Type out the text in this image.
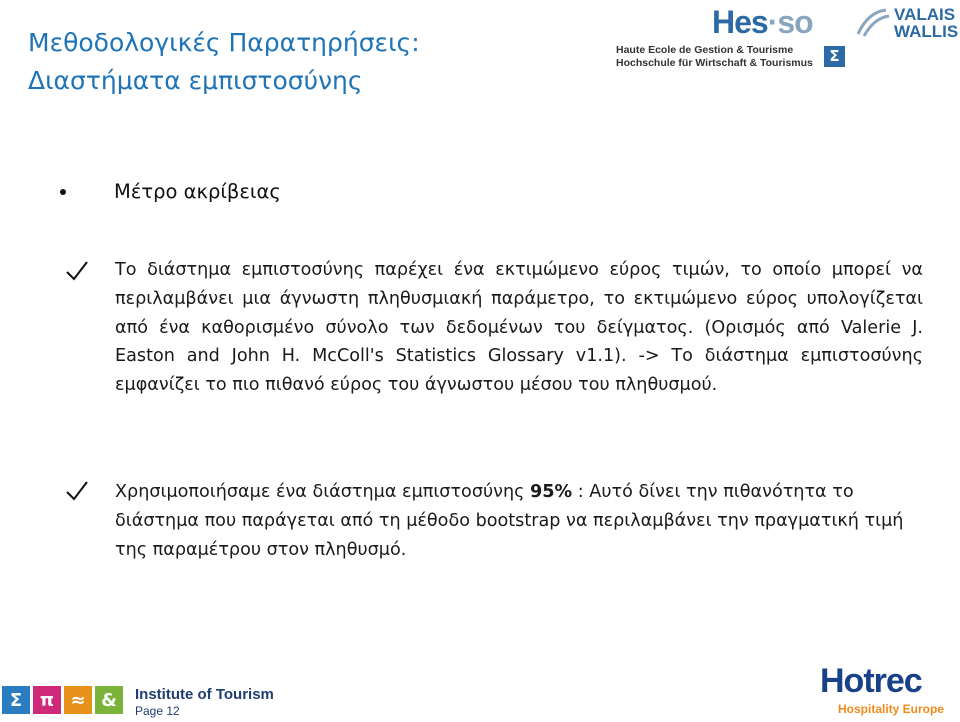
Μεθοδολογικές Παρατηρήσεις:
Διαστήματα εμπιστοσύνης
Hes·so	VALAIS
WALLIS
Haute Ecole de Gestion & Tourisme
Hochschule für Wirtschaft & Tourismus	Σ
Μέτρο ακρίβειας

Το διάστημα εμπιστοσύνης παρέχει ένα εκτιμώμενο εύρος τιμών, το οποίο μπορεί να περιλαμβάνει μια άγνωστη πληθυσμιακή παράμετρο, το εκτιμώμενο εύρος υπολογίζεται από ένα καθορισμένο σύνολο των δεδομένων του δείγματος. (Ορισμός από Valerie J. Easton and John H. McColl's Statistics Glossary v1.1). -> Το διάστημα εμπιστοσύνης εμφανίζει το πιο πιθανό εύρος του άγνωστου μέσου του πληθυσμού.

Χρησιμοποιήσαμε ένα διάστημα εμπιστοσύνης 95% : Αυτό δίνει την πιθανότητα το διάστημα που παράγεται από τη μέθοδο bootstrap να περιλαμβάνει την πραγματική τιμή της παραμέτρου στον πληθυσμό.

Σ π ≈ &	Institute of Tourism
Page 12
Hotrec
Hospitality Europe
